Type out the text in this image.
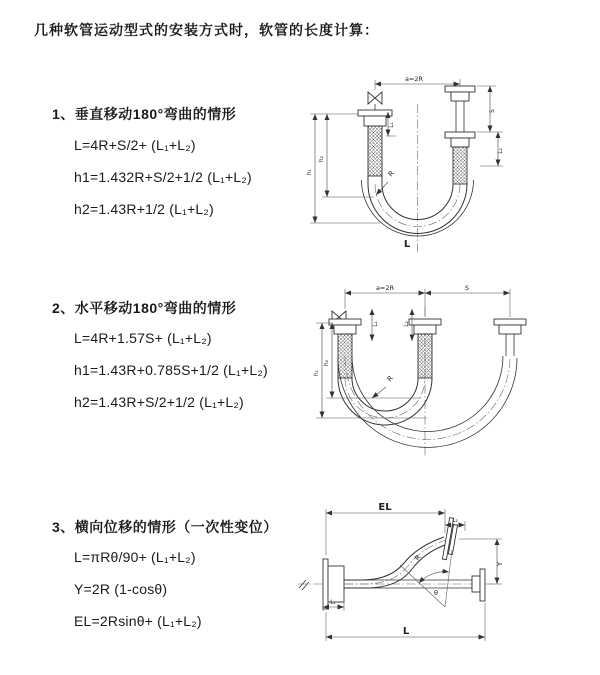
几种软管运动型式的安装方式时，软管的长度计算：
1、垂直移动180°弯曲的情形
L=4R+S/2+ (L₁+L₂)
h1=1.432R+S/2+1/2 (L₁+L₂)
h2=1.43R+1/2 (L₁+L₂)
2、水平移动180°弯曲的情形
L=4R+1.57S+ (L₁+L₂)
h1=1.43R+0.785S+1/2 (L₁+L₂)
h2=1.43R+S/2+1/2 (L₁+L₂)
3、横向位移的情形（一次性变位）
L=πRθ/90+ (L₁+L₂)
Y=2R (1-cosθ)
EL=2Rsinθ+ (L₁+L₂)
a=2R
R
L
h₁
h₂
L₁
S
L₂
a=2R	S
h₁
h₂
L₁	L₂
R
EL
L₂
Y
θ
R
L
L₁
